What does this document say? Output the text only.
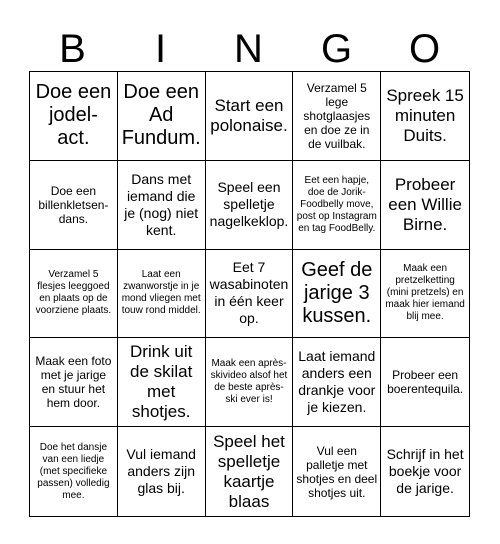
B	I	N	G	O
Doe een jodel-act.
Doe een Ad Fundum.
Start een polonaise.
Verzamel 5 lege shotglaasjes en doe ze in de vuilbak.
Spreek 15 minuten Duits.
Doe een billenkletsen-dans.
Dans met iemand die je (nog) niet kent.
Speel een spelletje nagelkeklop.
Eet een hapje, doe de Jorik-Foodbelly move, post op Instagram en tag FoodBelly.
Probeer een Willie Birne.
Verzamel 5 flesjes leeggoed en plaats op de voorziene plaats.
Laat een zwanworstje in je mond vliegen met touw rond middel.
Eet 7 wasabinoten in één keer op.
Geef de jarige 3 kussen.
Maak een pretzelketting (mini pretzels) en maak hier iemand blij mee.
Maak een foto met je jarige en stuur het hem door.
Drink uit de skilat met shotjes.
Maak een après-skivideo alsof het de beste après-ski ever is!
Laat iemand anders een drankje voor je kiezen.
Probeer een boerentequila.
Doe het dansje van een liedje (met specifieke passen) volledig mee.
Vul iemand anders zijn glas bij.
Speel het spelletje kaartje blaas
Vul een palletje met shotjes en deel shotjes uit.
Schrijf in het boekje voor de jarige.
